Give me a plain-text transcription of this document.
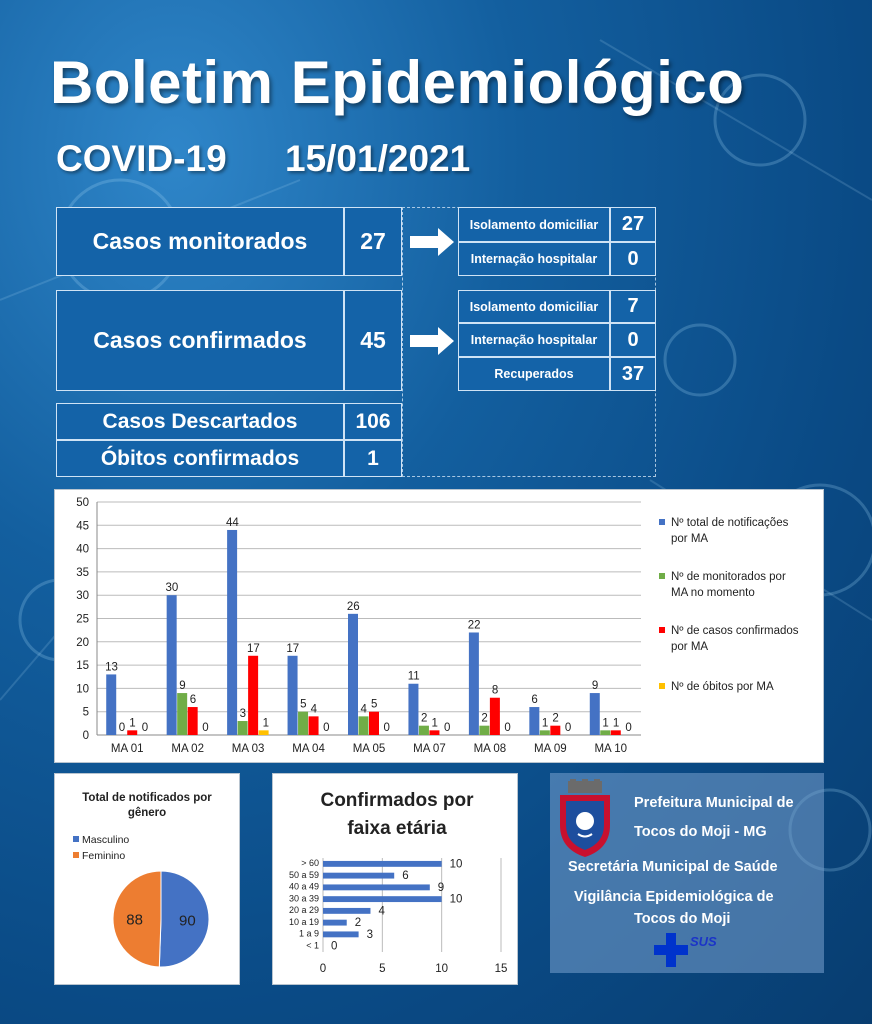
Boletim Epidemiológico
COVID-19 15/01/2021
Casos monitorados	27
Isolamento domiciliar	27
Internação hospitalar	0
Casos confirmados	45
Isolamento domiciliar	7
Internação hospitalar	0
Recuperados	37
Casos Descartados	106
Óbitos confirmados	1
0
5
10
15
20
25
30
35
40
45
50
13
0 1 0
MA 01
30
9
6
0
MA 02
44
3
17
1
MA 03
17
5 4
0
MA 04
26
4 5
0
MA 05
11
2 1 0
MA 07
22
2
8
0
MA 08
6
1 2
0
MA 09
9
1 1 0
MA 10
Nº total de notificações por MA
Nº de monitorados por MA no momento
Nº de casos confirmados por MA
Nº de óbitos por MA
Total de notificados por
gênero
Masculino
Feminino
90
88
Confirmados por
faixa etária
0	5	10	15
> 60	10
50 a 59	6
40 a 49	9
30 a 39	10
20 a 29	4
10 a 19	2
1 a 9	3
< 1 0
Prefeitura Municipal de
Tocos do Moji - MG
Secretária Municipal de Saúde
Vigilância Epidemiológica de
Tocos do Moji
SUS
